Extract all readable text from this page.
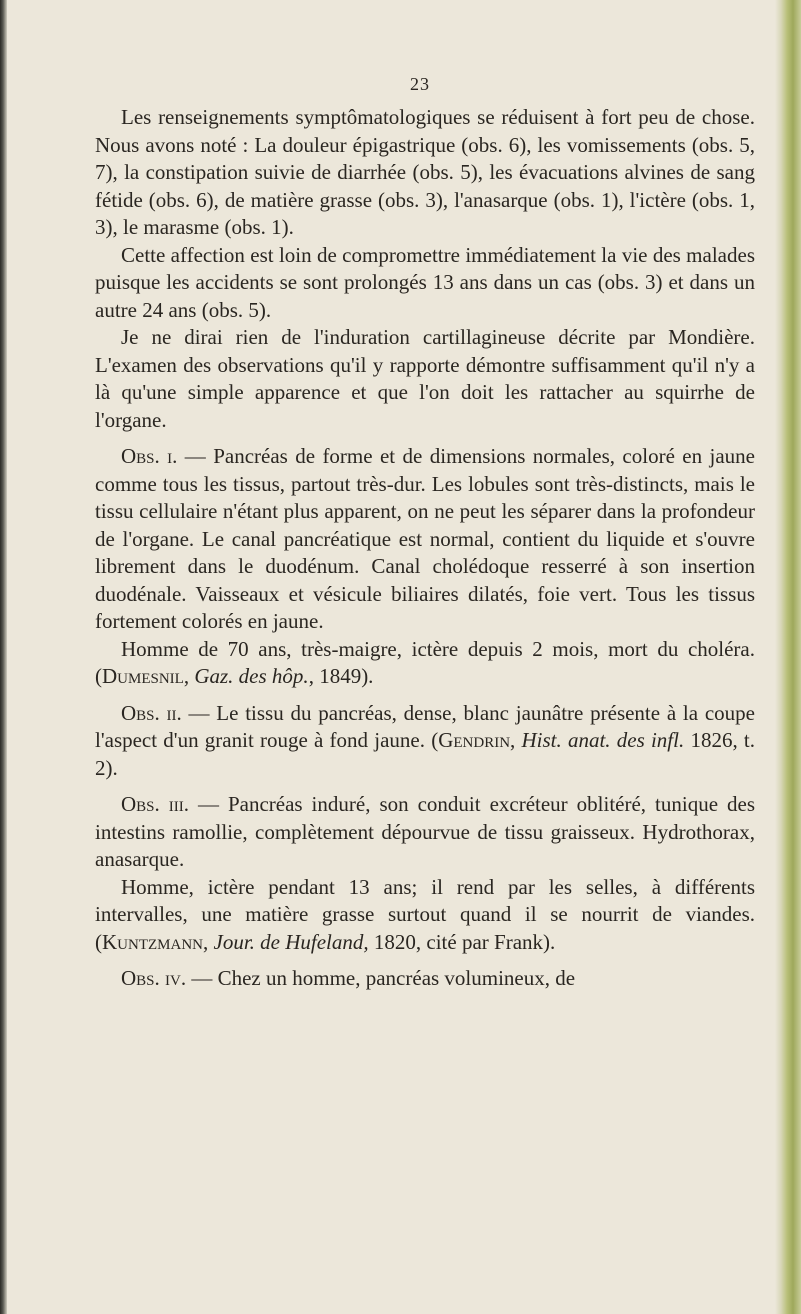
23

Les renseignements symptômatologiques se réduisent à fort peu de chose. Nous avons noté : La douleur épigastrique (obs. 6), les vomissements (obs. 5, 7), la constipation suivie de diarrhée (obs. 5), les évacuations alvines de sang fétide (obs. 6), de matière grasse (obs. 3), l'anasarque (obs. 1), l'ictère (obs. 1, 3), le marasme (obs. 1).

Cette affection est loin de compromettre immédiatement la vie des malades puisque les accidents se sont prolongés 13 ans dans un cas (obs. 3) et dans un autre 24 ans (obs. 5).

Je ne dirai rien de l'induration cartillagineuse décrite par Mondière. L'examen des observations qu'il y rapporte démontre suffisamment qu'il n'y a là qu'une simple apparence et que l'on doit les rattacher au squirrhe de l'organe.

Obs. i. — Pancréas de forme et de dimensions normales, coloré en jaune comme tous les tissus, partout très-dur. Les lobules sont très-distincts, mais le tissu cellulaire n'étant plus apparent, on ne peut les séparer dans la profondeur de l'organe. Le canal pancréatique est normal, contient du liquide et s'ouvre librement dans le duodénum. Canal cholédoque resserré à son insertion duodénale. Vaisseaux et vésicule biliaires dilatés, foie vert. Tous les tissus fortement colorés en jaune.

Homme de 70 ans, très-maigre, ictère depuis 2 mois, mort du choléra. (Dumesnil, Gaz. des hôp., 1849).

Obs. ii. — Le tissu du pancréas, dense, blanc jaunâtre présente à la coupe l'aspect d'un granit rouge à fond jaune. (Gendrin, Hist. anat. des infl. 1826, t. 2).

Obs. iii. — Pancréas induré, son conduit excréteur oblitéré, tunique des intestins ramollie, complètement dépourvue de tissu graisseux. Hydrothorax, anasarque.

Homme, ictère pendant 13 ans; il rend par les selles, à différents intervalles, une matière grasse surtout quand il se nourrit de viandes. (Kuntzmann, Jour. de Hufeland, 1820, cité par Frank).

Obs. iv. — Chez un homme, pancréas volumineux, de
